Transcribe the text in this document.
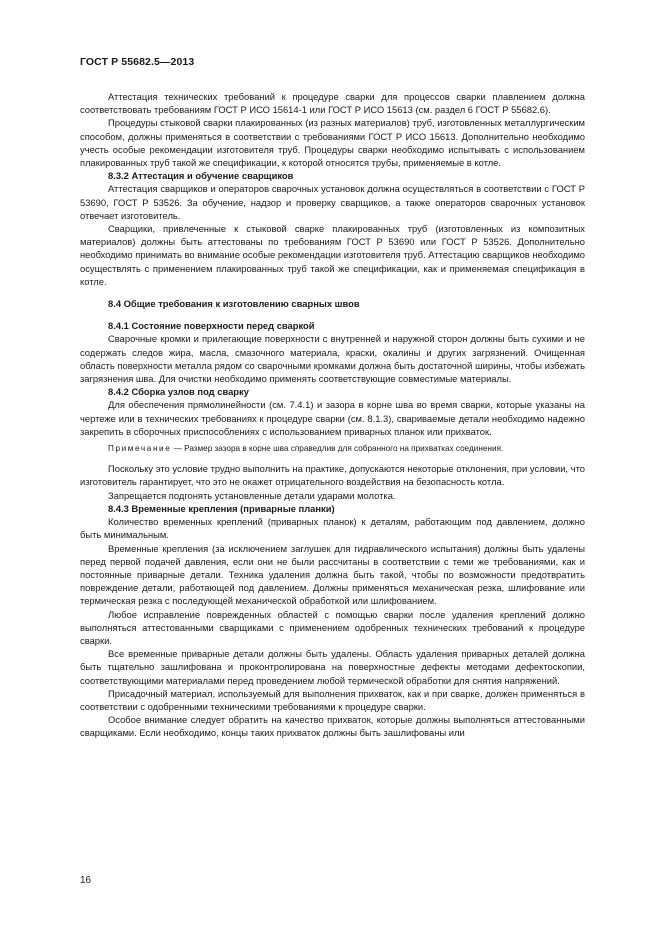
ГОСТ Р 55682.5—2013

Аттестация технических требований к процедуре сварки для процессов сварки плавлением должна соответствовать требованиям ГОСТ Р ИСО 15614-1 или ГОСТ Р ИСО 15613 (см. раздел 6 ГОСТ Р 55682.6).

Процедуры стыковой сварки плакированных (из разных материалов) труб, изготовленных металлургическим способом, должны применяться в соответствии с требованиями ГОСТ Р ИСО 15613. Дополнительно необходимо учесть особые рекомендации изготовителя труб. Процедуры сварки необходимо испытывать с использованием плакированных труб такой же спецификации, к которой относятся трубы, применяемые в котле.

8.3.2 Аттестация и обучение сварщиков

Аттестация сварщиков и операторов сварочных установок должна осуществляться в соответствии с ГОСТ Р 53690, ГОСТ Р 53526. За обучение, надзор и проверку сварщиков, а также операторов сварочных установок отвечает изготовитель.

Сварщики, привлеченные к стыковой сварке плакированных труб (изготовленных из композитных материалов) должны быть аттестованы по требованиям ГОСТ Р 53690 или ГОСТ Р 53526. Дополнительно необходимо принимать во внимание особые рекомендации изготовителя труб. Аттестацию сварщиков необходимо осуществлять с применением плакированных труб такой же спецификации, как и применяемая спецификация в котле.

8.4 Общие требования к изготовлению сварных швов

8.4.1 Состояние поверхности перед сваркой

Сварочные кромки и прилегающие поверхности с внутренней и наружной сторон должны быть сухими и не содержать следов жира, масла, смазочного материала, краски, окалины и других загрязнений. Очищенная область поверхности металла рядом со сварочными кромками должна быть достаточной ширины, чтобы избежать загрязнения шва. Для очистки необходимо применять соответствующие совместимые материалы.

8.4.2 Сборка узлов под сварку

Для обеспечения прямолинейности (см. 7.4.1) и зазора в корне шва во время сварки, которые указаны на чертеже или в технических требованиях к процедуре сварки (см. 8.1.3), свариваемые детали необходимо надежно закрепить в сборочных приспособлениях с использованием приварных планок или прихваток.

Примечание — Размер зазора в корне шва справедлив для собранного на прихватках соединения.

Поскольку это условие трудно выполнить на практике, допускаются некоторые отклонения, при условии, что изготовитель гарантирует, что это не окажет отрицательного воздействия на безопасность котла.

Запрещается подгонять установленные детали ударами молотка.

8.4.3 Временные крепления (приварные планки)

Количество временных креплений (приварных планок) к деталям, работающим под давлением, должно быть минимальным.

Временные крепления (за исключением заглушек для гидравлического испытания) должны быть удалены перед первой подачей давления, если они не были рассчитаны в соответствии с теми же требованиями, как и постоянные приварные детали. Техника удаления должна быть такой, чтобы по возможности предотвратить повреждение детали, работающей под давлением. Должны применяться механическая резка, шлифование или термическая резка с последующей механической обработкой или шлифованием.

Любое исправление поврежденных областей с помощью сварки после удаления креплений должно выполняться аттестованными сварщиками с применением одобренных технических требований к процедуре сварки.

Все временные приварные детали должны быть удалены. Область удаления приварных деталей должна быть тщательно зашлифована и проконтролирована на поверхностные дефекты методами дефектоскопии, соответствующими материалами перед проведением любой термической обработки для снятия напряжений.

Присадочный материал, используемый для выполнения прихваток, как и при сварке, должен применяться в соответствии с одобренными техническими требованиями к процедуре сварки.

Особое внимание следует обратить на качество прихваток, которые должны выполняться аттестованными сварщиками. Если необходимо, концы таких прихваток должны быть зашлифованы или

16
